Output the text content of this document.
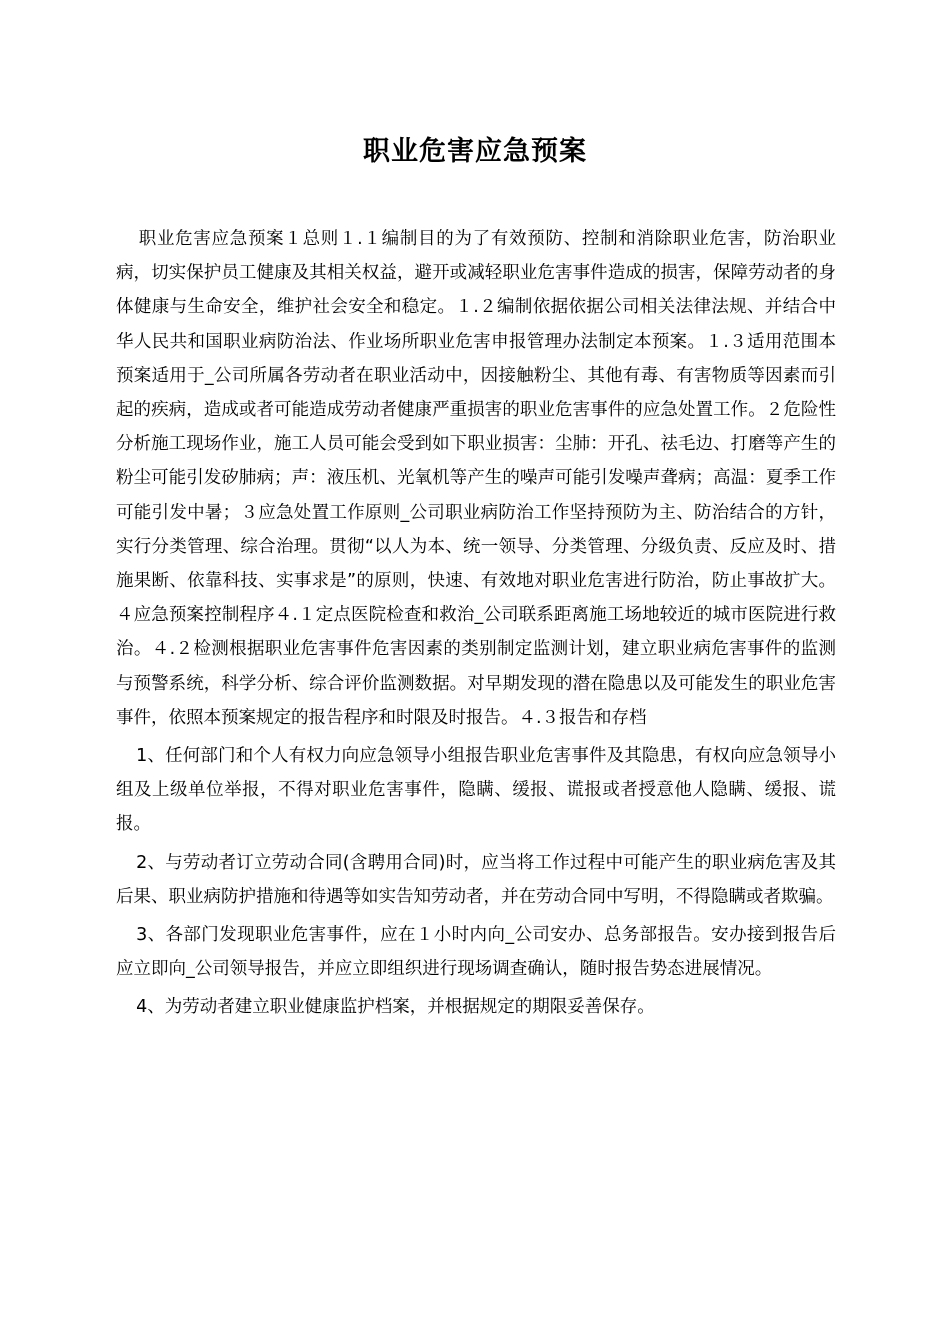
职业危害应急预案

职业危害应急预案１总则１.１编制目的为了有效预防、控制和消除职业危害，防治职业病，切实保护员工健康及其相关权益，避开或减轻职业危害事件造成的损害，保障劳动者的身体健康与生命安全，维护社会安全和稳定。１.２编制依据依据公司相关法律法规、并结合中华人民共和国职业病防治法、作业场所职业危害申报管理办法制定本预案。１.３适用范围本预案适用于_公司所属各劳动者在职业活动中，因接触粉尘、其他有毒、有害物质等因素而引起的疾病，造成或者可能造成劳动者健康严重损害的职业危害事件的应急处置工作。２危险性分析施工现场作业，施工人员可能会受到如下职业损害：尘肺：开孔、祛毛边、打磨等产生的粉尘可能引发矽肺病；声：液压机、光氧机等产生的噪声可能引发噪声聋病；高温：夏季工作可能引发中暑；３应急处置工作原则_公司职业病防治工作坚持预防为主、防治结合的方针，实行分类管理、综合治理。贯彻“以人为本、统一领导、分类管理、分级负责、反应及时、措施果断、依靠科技、实事求是”的原则，快速、有效地对职业危害进行防治，防止事故扩大。４应急预案控制程序４.１定点医院检查和救治_公司联系距离施工场地较近的城市医院进行救治。４.２检测根据职业危害事件危害因素的类别制定监测计划，建立职业病危害事件的监测与预警系统，科学分析、综合评价监测数据。对早期发现的潜在隐患以及可能发生的职业危害事件，依照本预案规定的报告程序和时限及时报告。４.３报告和存档

1、任何部门和个人有权力向应急领导小组报告职业危害事件及其隐患，有权向应急领导小组及上级单位举报，不得对职业危害事件，隐瞒、缓报、谎报或者授意他人隐瞒、缓报、谎报。

2、与劳动者订立劳动合同(含聘用合同)时，应当将工作过程中可能产生的职业病危害及其后果、职业病防护措施和待遇等如实告知劳动者，并在劳动合同中写明，不得隐瞒或者欺骗。

3、各部门发现职业危害事件，应在１小时内向_公司安办、总务部报告。安办接到报告后应立即向_公司领导报告，并应立即组织进行现场调查确认，随时报告势态进展情况。

4、为劳动者建立职业健康监护档案，并根据规定的期限妥善保存。
